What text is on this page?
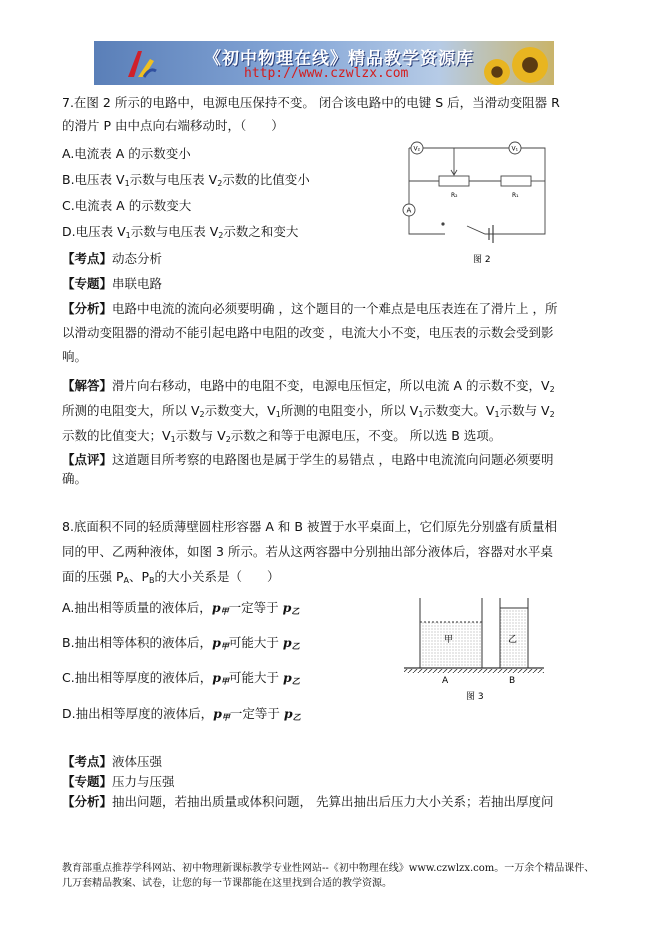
《初中物理在线》精品教学资源库
http://www.czwlzx.com
7.在图 2 所示的电路中，电源电压保持不变。 闭合该电路中的电键 S 后，当滑动变阻器 R
的滑片 P 由中点向右端移动时，（　　）
A.电流表 A 的示数变小
B.电压表 $V_1$示数与电压表 $V_2$示数的比值变小
C.电流表 A 的示数变大
D.电压表 $V_1$示数与电压表 $V_2$示数之和变大
V₂	V₁
A
R₂	R₁
图 2
【考点】动态分析
【专题】串联电路
【分析】电路中电流的流向必须要明确 ，这个题目的一个难点是电压表连在了滑片上 ，所
以滑动变阻器的滑动不能引起电路中电阻的改变 ，电流大小不变，电压表的示数会受到影
响。
【解答】滑片向右移动，电路中的电阻不变，电源电压恒定，所以电流 A 的示数不变，$V_2$
所测的电阻变大，所以 $V_2$示数变大，$V_1$所测的电阻变小，所以 $V_1$示数变大。$V_1$示数与 $V_2$
示数的比值变大；$V_1$示数与 $V_2$示数之和等于电源电压，不变。 所以选 B 选项。
【点评】这道题目所考察的电路图也是属于学生的易错点 ，电路中电流流向问题必须要明
确。
8.底面积不同的轻质薄壁圆柱形容器 A 和 B 被置于水平桌面上，它们原先分别盛有质量相
同的甲、乙两种液体，如图 3 所示。若从这两容器中分别抽出部分液体后，容器对水平桌
面的压强 $P_A$、$P_B$的大小关系是（　　）
A.抽出相等质量的液体后，$p_甲$一定等于 $p_乙$
B.抽出相等体积的液体后，$p_甲$可能大于 $p_乙$
C.抽出相等厚度的液体后，$p_甲$可能大于 $p_乙$
D.抽出相等厚度的液体后，$p_甲$一定等于 $p_乙$
甲	乙
A	B
图 3
【考点】液体压强
【专题】压力与压强
【分析】抽出问题，若抽出质量或体积问题， 先算出抽出后压力大小关系；若抽出厚度问
教育部重点推荐学科网站、初中物理新课标教学专业性网站--《初中物理在线》www.czwlzx.com。一万余个精品课件、
几万套精品教案、试卷，让您的每一节课都能在这里找到合适的教学资源。
